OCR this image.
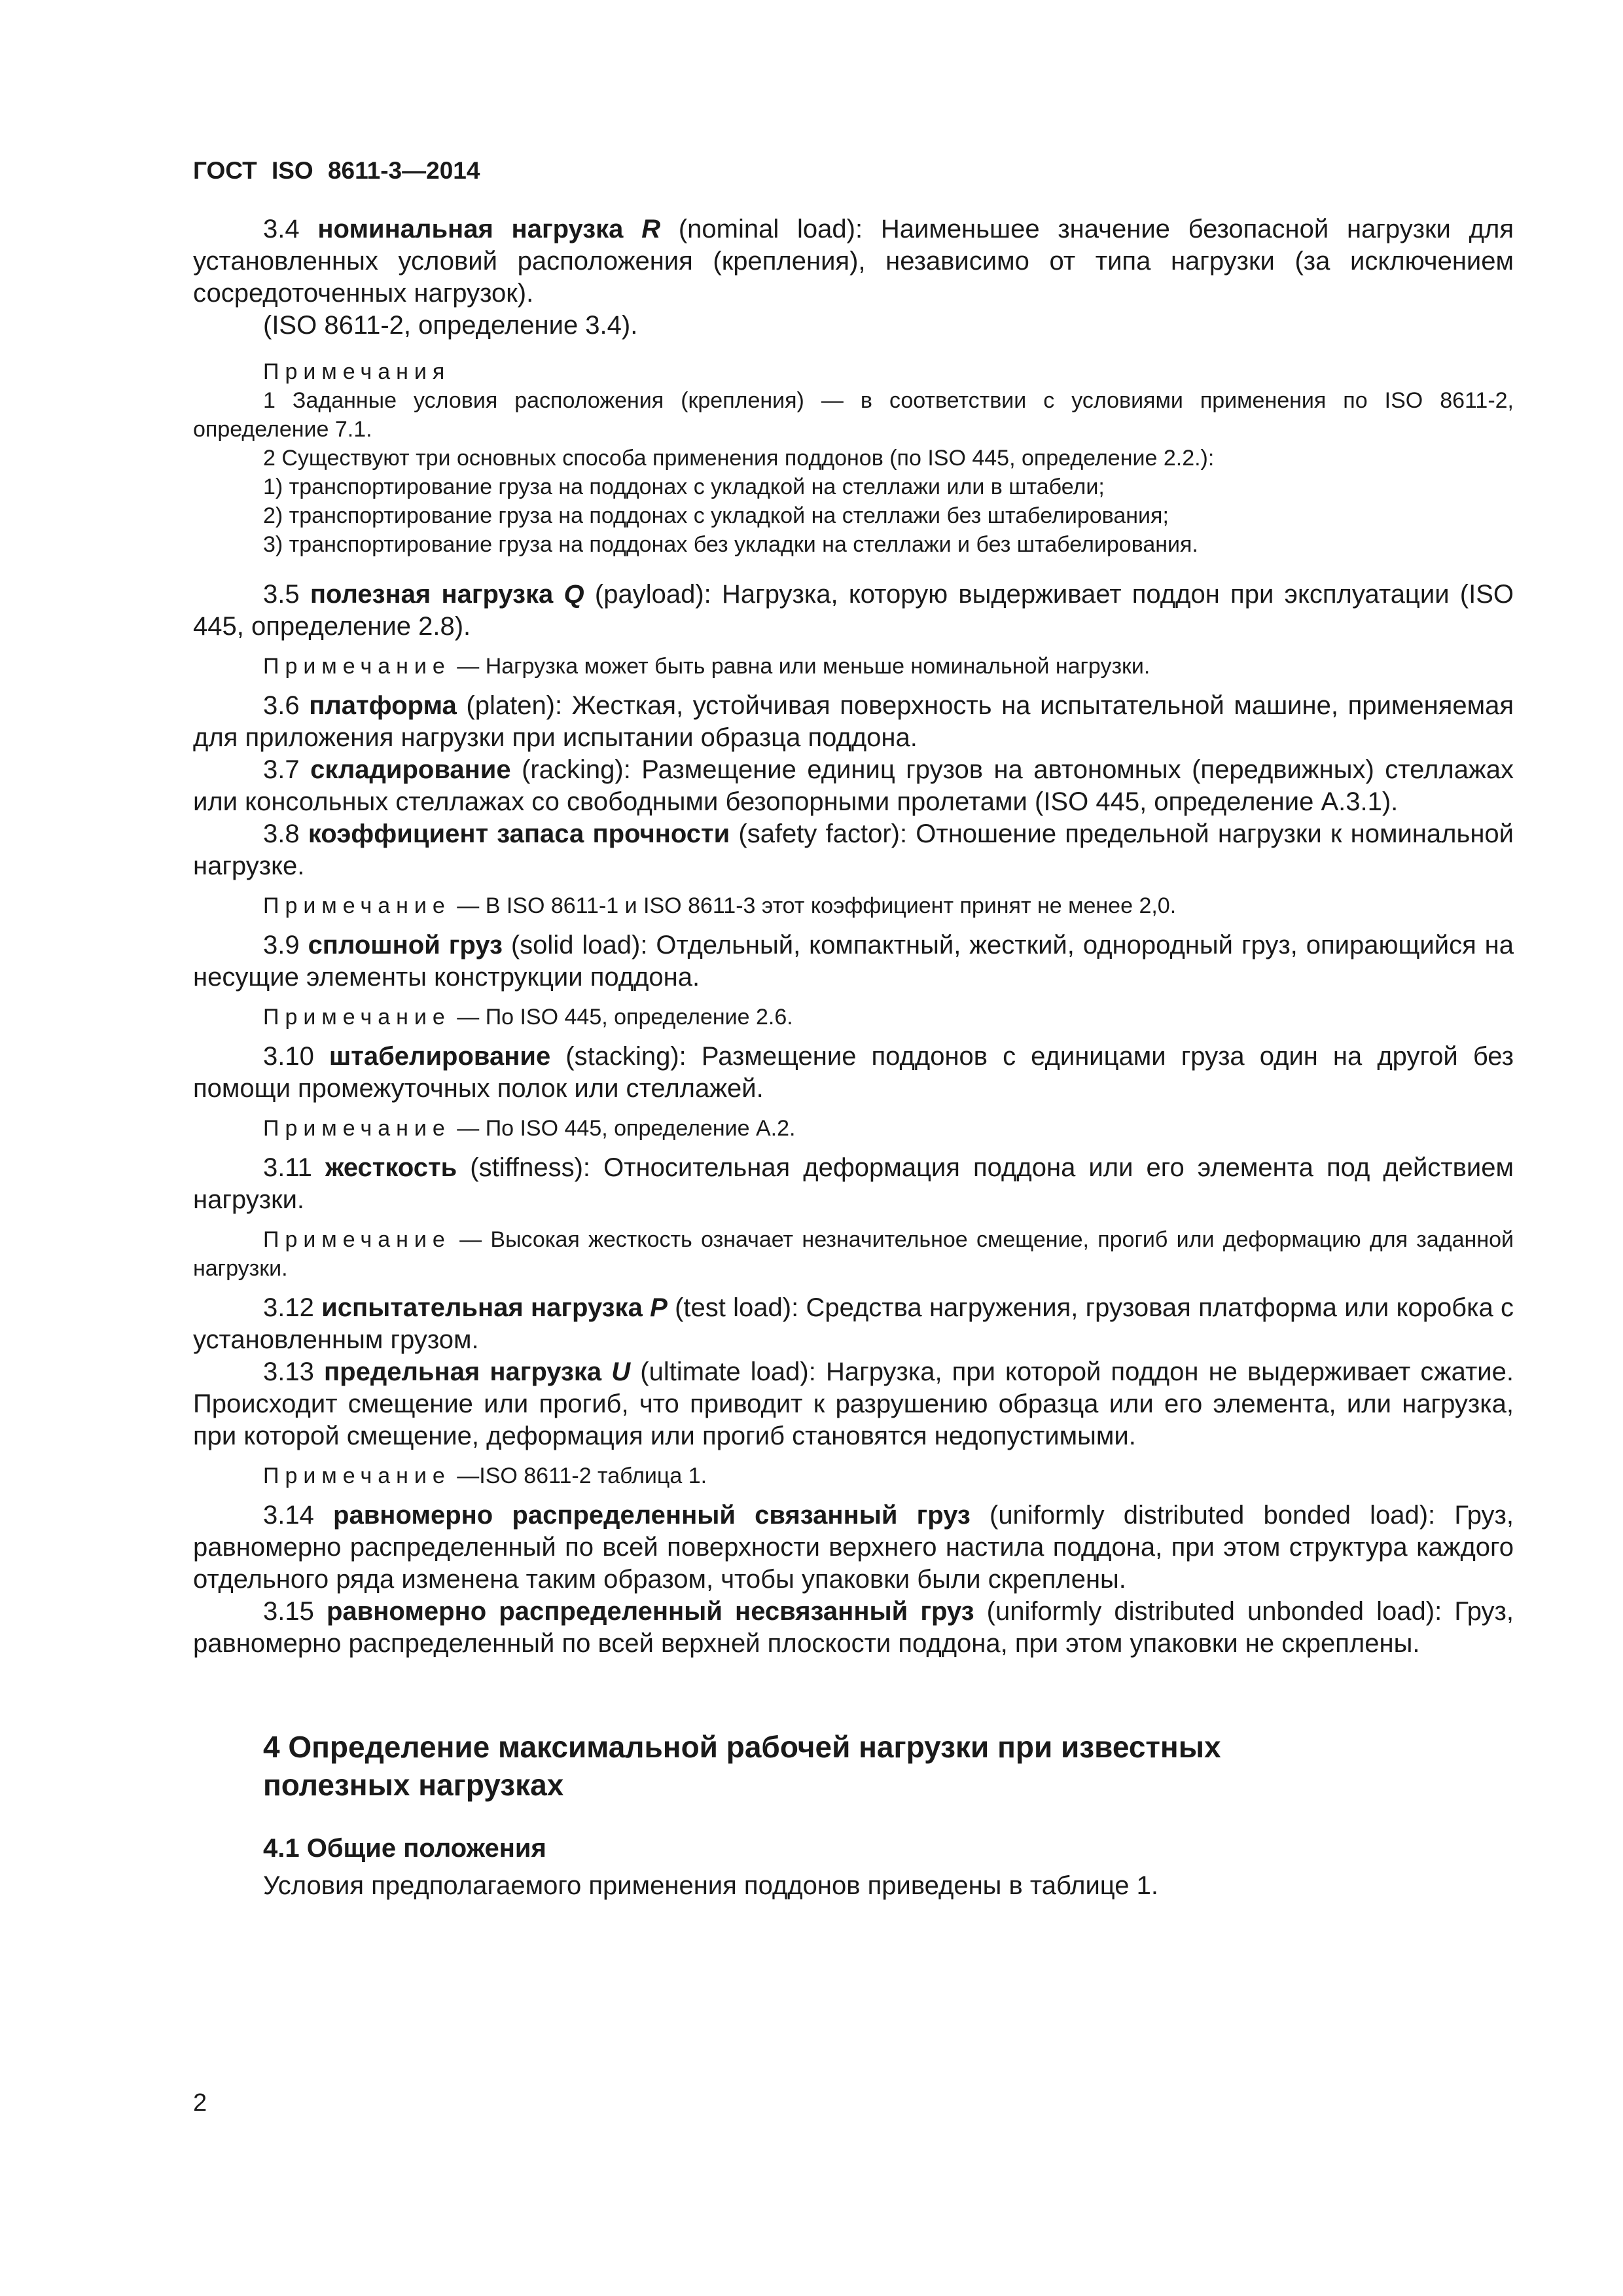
ГОСТ ISO 8611-3—2014

3.4 номинальная нагрузка R (nominal load): Наименьшее значение безопасной нагрузки для установленных условий расположения (крепления), независимо от типа нагрузки (за исключением сосредоточенных нагрузок).

(ISO 8611-2, определение 3.4).

Примечания

1 Заданные условия расположения (крепления) — в соответствии с условиями применения по ISO 8611-2, определение 7.1.

2 Существуют три основных способа применения поддонов (по ISO 445, определение 2.2.):

1) транспортирование груза на поддонах с укладкой на стеллажи или в штабели;

2) транспортирование груза на поддонах с укладкой на стеллажи без штабелирования;

3) транспортирование груза на поддонах без укладки на стеллажи и без штабелирования.

3.5 полезная нагрузка Q (payload): Нагрузка, которую выдерживает поддон при эксплуатации (ISO 445, определение 2.8).

Примечание — Нагрузка может быть равна или меньше номинальной нагрузки.

3.6 платформа (platen): Жесткая, устойчивая поверхность на испытательной машине, применяемая для приложения нагрузки при испытании образца поддона.

3.7 складирование (racking): Размещение единиц грузов на автономных (передвижных) стеллажах или консольных стеллажах со свободными безопорными пролетами (ISO 445, определение А.3.1).

3.8 коэффициент запаса прочности (safety factor): Отношение предельной нагрузки к номинальной нагрузке.

Примечание — В ISO 8611-1 и ISO 8611-3 этот коэффициент принят не менее 2,0.

3.9 сплошной груз (solid load): Отдельный, компактный, жесткий, однородный груз, опирающийся на несущие элементы конструкции поддона.

Примечание — По ISO 445, определение 2.6.

3.10 штабелирование (stacking): Размещение поддонов с единицами груза один на другой без помощи промежуточных полок или стеллажей.

Примечание — По ISO 445, определение А.2.

3.11 жесткость (stiffness): Относительная деформация поддона или его элемента под действием нагрузки.

Примечание — Высокая жесткость означает незначительное смещение, прогиб или деформацию для заданной нагрузки.

3.12 испытательная нагрузка P (test load): Средства нагружения, грузовая платформа или коробка с установленным грузом.

3.13 предельная нагрузка U (ultimate load): Нагрузка, при которой поддон не выдерживает сжатие. Происходит смещение или прогиб, что приводит к разрушению образца или его элемента, или нагрузка, при которой смещение, деформация или прогиб становятся недопустимыми.

Примечание —ISO 8611-2 таблица 1.

3.14 равномерно распределенный связанный груз (uniformly distributed bonded load): Груз, равномерно распределенный по всей поверхности верхнего настила поддона, при этом структура каждого отдельного ряда изменена таким образом, чтобы упаковки были скреплены.

3.15 равномерно распределенный несвязанный груз (uniformly distributed unbonded load): Груз, равномерно распределенный по всей верхней плоскости поддона, при этом упаковки не скреплены.

4 Определение максимальной рабочей нагрузки при известных
полезных нагрузках
4.1 Общие положения

Условия предполагаемого применения поддонов приведены в таблице 1.

2
